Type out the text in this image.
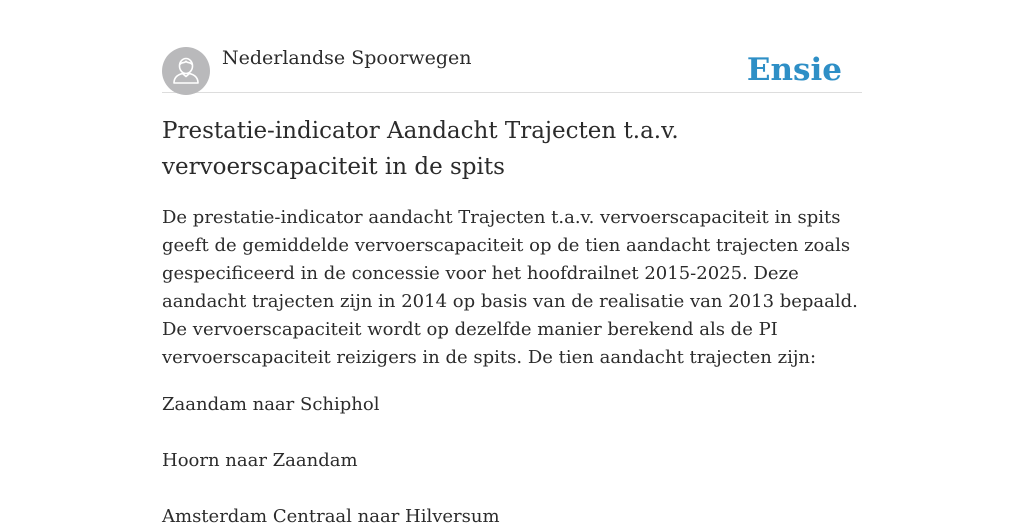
Nederlandse Spoorwegen	Ensie
Prestatie-indicator Aandacht Trajecten t.a.v. vervoerscapaciteit in de spits

De prestatie-indicator aandacht Trajecten t.a.v. vervoerscapaciteit in spits geeft de gemiddelde vervoerscapaciteit op de tien aandacht trajecten zoals gespecificeerd in de concessie voor het hoofdrailnet 2015-2025. Deze aandacht trajecten zijn in 2014 op basis van de realisatie van 2013 bepaald. De vervoerscapaciteit wordt op dezelfde manier berekend als de PI vervoerscapaciteit reizigers in de spits. De tien aandacht trajecten zijn:

Zaandam naar Schiphol

Hoorn naar Zaandam

Amsterdam Centraal naar Hilversum
